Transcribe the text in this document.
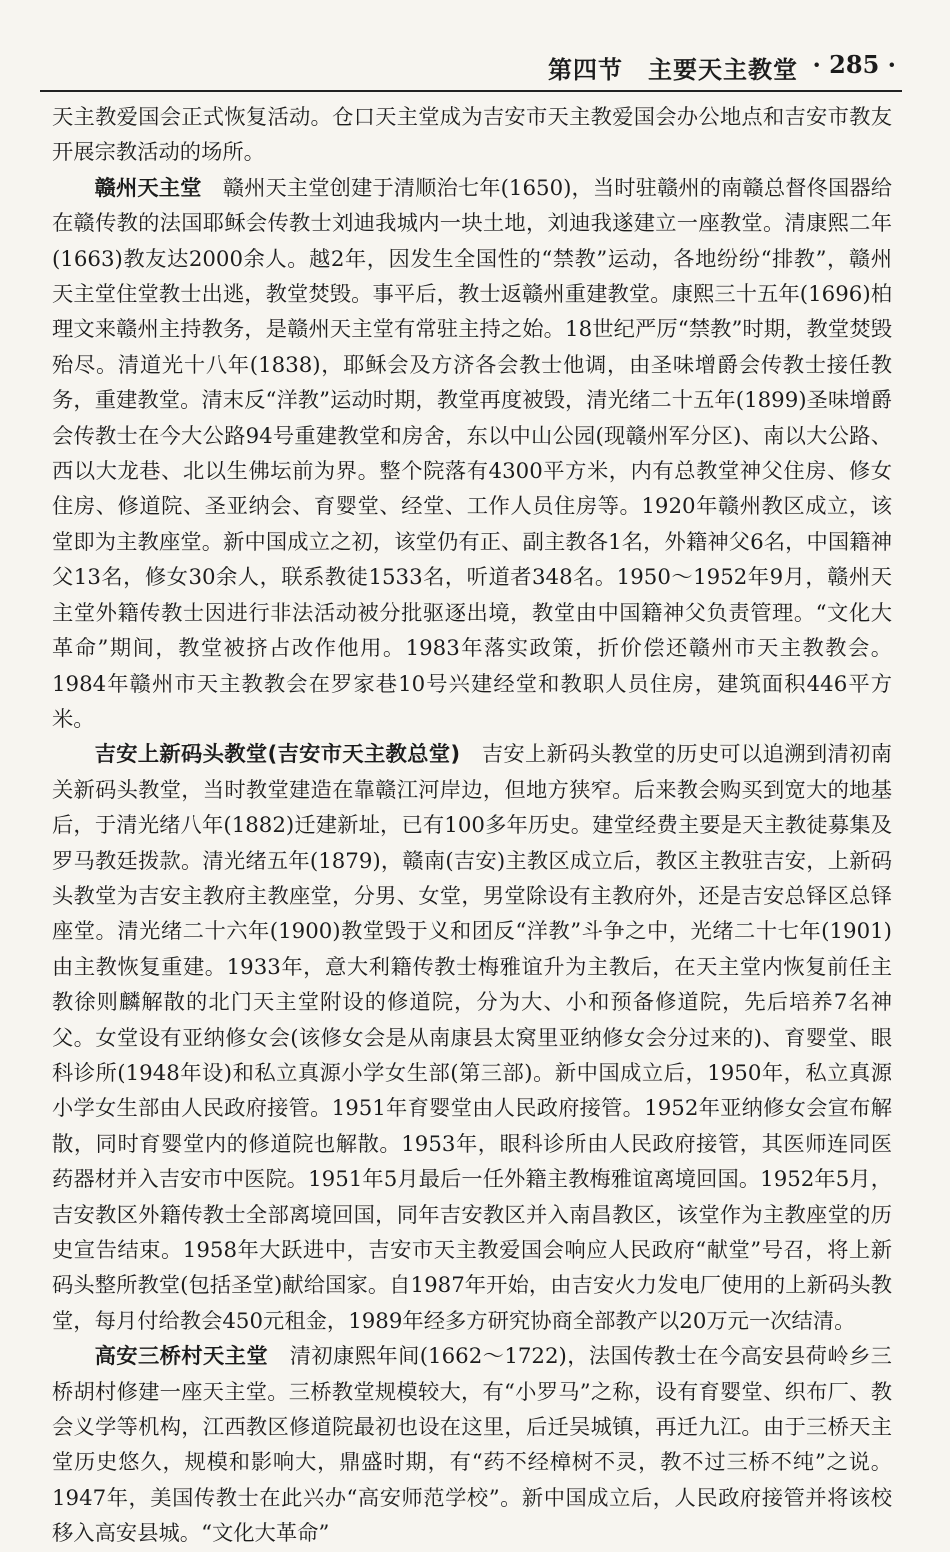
第四节　主要天主教堂 · 285 ·

天主教爱国会正式恢复活动。仓口天主堂成为吉安市天主教爱国会办公地点和吉安市教友开展宗教活动的场所。

赣州天主堂 赣州天主堂创建于清顺治七年(1650)，当时驻赣州的南赣总督佟国器给在赣传教的法国耶稣会传教士刘迪我城内一块土地，刘迪我遂建立一座教堂。清康熙二年(1663)教友达2000余人。越2年，因发生全国性的“禁教”运动，各地纷纷“排教”，赣州天主堂住堂教士出逃，教堂焚毁。事平后，教士返赣州重建教堂。康熙三十五年(1696)柏理文来赣州主持教务，是赣州天主堂有常驻主持之始。18世纪严厉“禁教”时期，教堂焚毁殆尽。清道光十八年(1838)，耶稣会及方济各会教士他调，由圣味增爵会传教士接任教务，重建教堂。清末反“洋教”运动时期，教堂再度被毁，清光绪二十五年(1899)圣味增爵会传教士在今大公路94号重建教堂和房舍，东以中山公园(现赣州军分区)、南以大公路、西以大龙巷、北以生佛坛前为界。整个院落有4300平方米，内有总教堂神父住房、修女住房、修道院、圣亚纳会、育婴堂、经堂、工作人员住房等。1920年赣州教区成立，该堂即为主教座堂。新中国成立之初，该堂仍有正、副主教各1名，外籍神父6名，中国籍神父13名，修女30余人，联系教徒1533名，听道者348名。1950～1952年9月，赣州天主堂外籍传教士因进行非法活动被分批驱逐出境，教堂由中国籍神父负责管理。“文化大革命”期间，教堂被挤占改作他用。1983年落实政策，折价偿还赣州市天主教教会。1984年赣州市天主教教会在罗家巷10号兴建经堂和教职人员住房，建筑面积446平方米。

吉安上新码头教堂(吉安市天主教总堂) 吉安上新码头教堂的历史可以追溯到清初南关新码头教堂，当时教堂建造在靠赣江河岸边，但地方狭窄。后来教会购买到宽大的地基后，于清光绪八年(1882)迁建新址，已有100多年历史。建堂经费主要是天主教徒募集及罗马教廷拨款。清光绪五年(1879)，赣南(吉安)主教区成立后，教区主教驻吉安，上新码头教堂为吉安主教府主教座堂，分男、女堂，男堂除设有主教府外，还是吉安总铎区总铎座堂。清光绪二十六年(1900)教堂毁于义和团反“洋教”斗争之中，光绪二十七年(1901)由主教恢复重建。1933年，意大利籍传教士梅雅谊升为主教后，在天主堂内恢复前任主教徐则麟解散的北门天主堂附设的修道院，分为大、小和预备修道院，先后培养7名神父。女堂设有亚纳修女会(该修女会是从南康县太窝里亚纳修女会分过来的)、育婴堂、眼科诊所(1948年设)和私立真源小学女生部(第三部)。新中国成立后，1950年，私立真源小学女生部由人民政府接管。1951年育婴堂由人民政府接管。1952年亚纳修女会宣布解散，同时育婴堂内的修道院也解散。1953年，眼科诊所由人民政府接管，其医师连同医药器材并入吉安市中医院。1951年5月最后一任外籍主教梅雅谊离境回国。1952年5月，吉安教区外籍传教士全部离境回国，同年吉安教区并入南昌教区，该堂作为主教座堂的历史宣告结束。1958年大跃进中，吉安市天主教爱国会响应人民政府“献堂”号召，将上新码头整所教堂(包括圣堂)献给国家。自1987年开始，由吉安火力发电厂使用的上新码头教堂，每月付给教会450元租金，1989年经多方研究协商全部教产以20万元一次结清。

高安三桥村天主堂 清初康熙年间(1662～1722)，法国传教士在今高安县荷岭乡三桥胡村修建一座天主堂。三桥教堂规模较大，有“小罗马”之称，设有育婴堂、织布厂、教会义学等机构，江西教区修道院最初也设在这里，后迁吴城镇，再迁九江。由于三桥天主堂历史悠久，规模和影响大，鼎盛时期，有“药不经樟树不灵，教不过三桥不纯”之说。1947年，美国传教士在此兴办“高安师范学校”。新中国成立后，人民政府接管并将该校移入高安县城。“文化大革命”
